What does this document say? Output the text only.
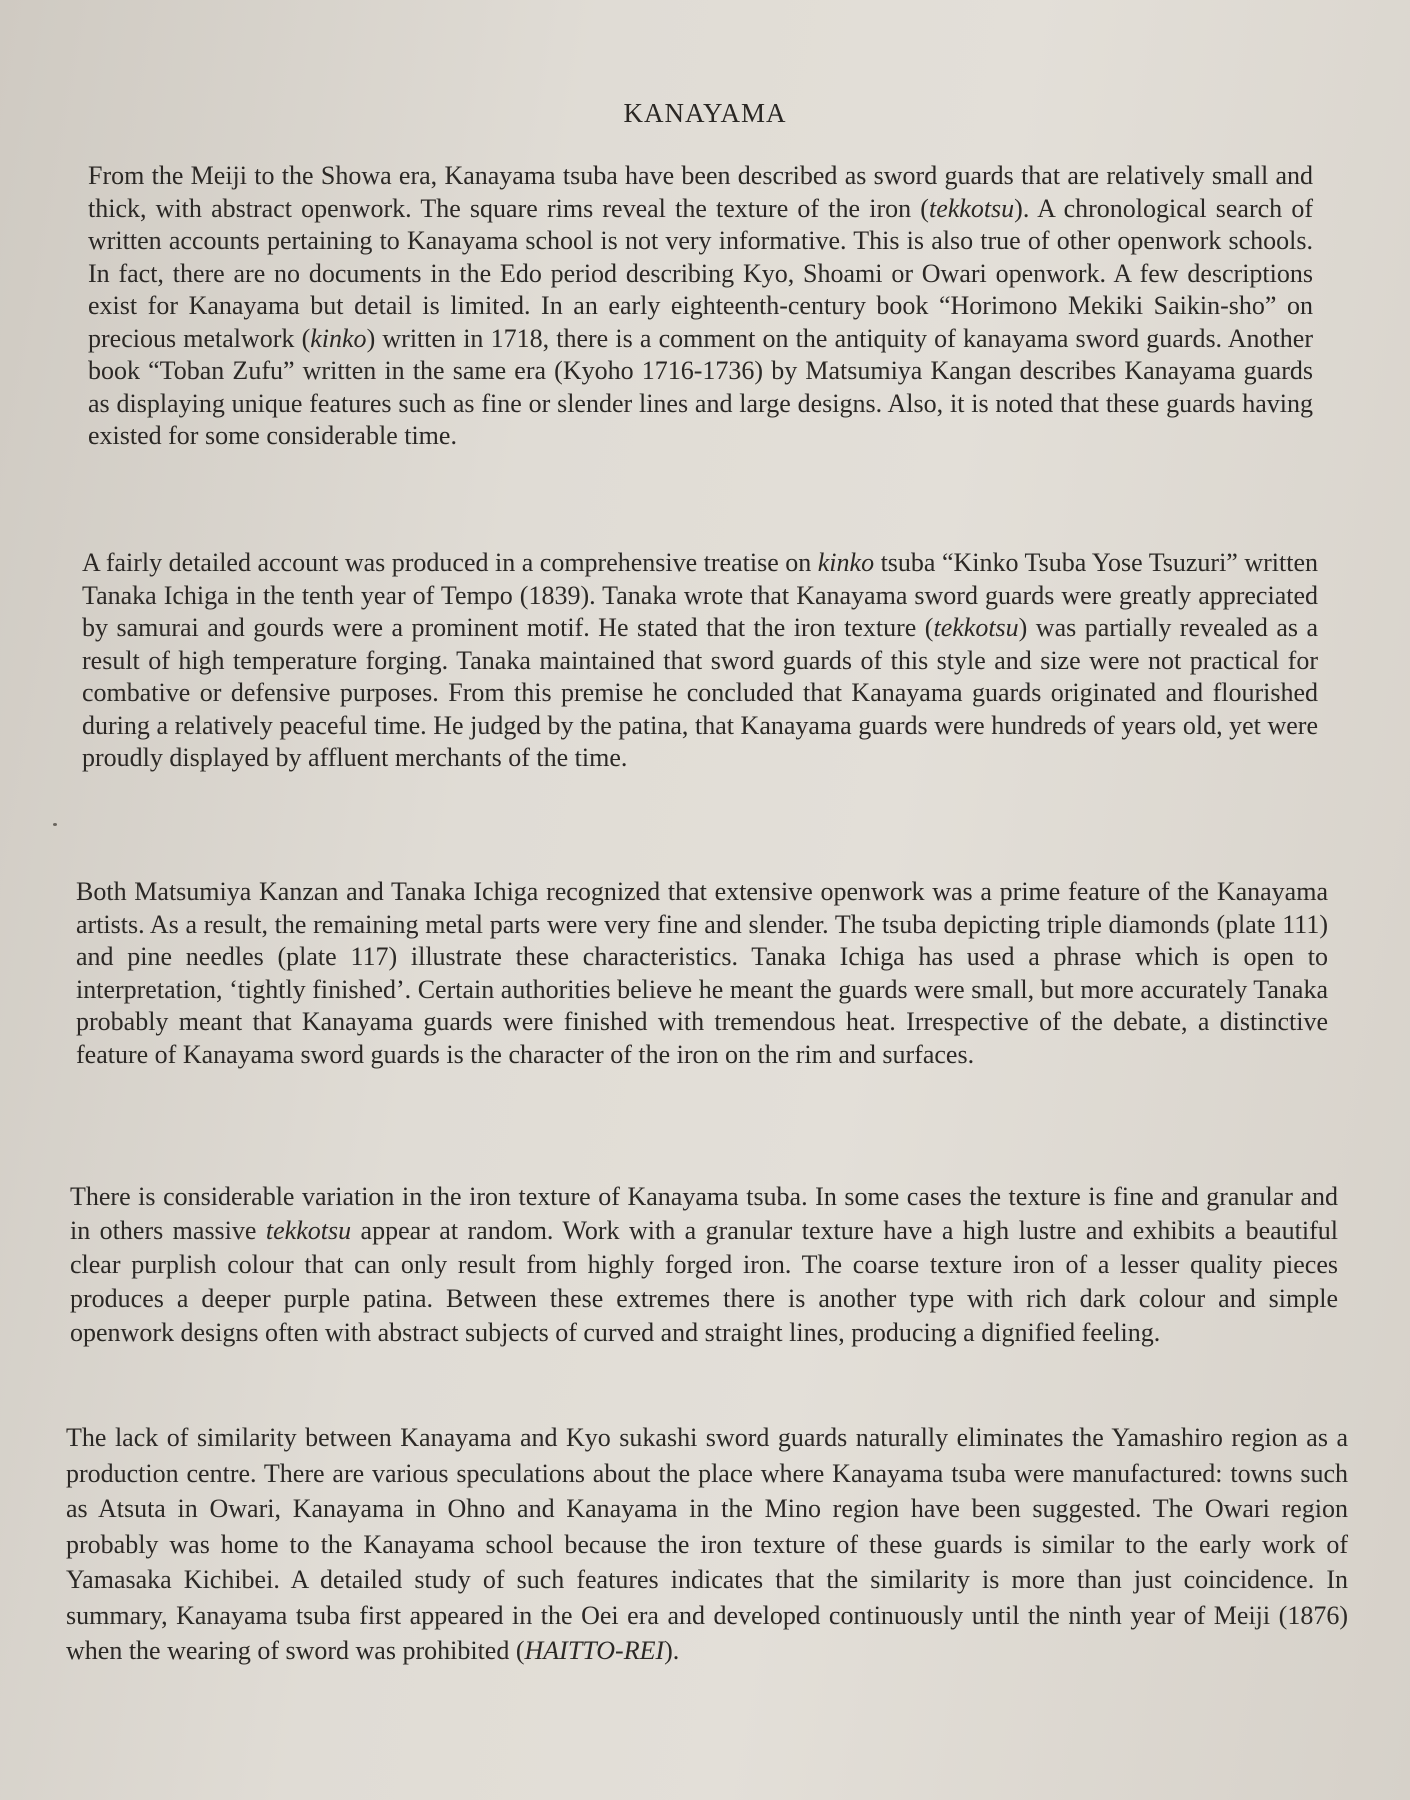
KANAYAMA

From the Meiji to the Showa era, Kanayama tsuba have been described as sword guards that are relatively small and thick, with abstract openwork. The square rims reveal the texture of the iron (tekkotsu). A chronological search of written accounts pertaining to Kanayama school is not very informative. This is also true of other openwork schools. In fact, there are no documents in the Edo period describing Kyo, Shoami or Owari openwork. A few descriptions exist for Kanayama but detail is limited. In an early eighteenth-century book “Horimono Mekiki Saikin-sho” on precious metalwork (kinko) written in 1718, there is a comment on the antiquity of kanayama sword guards. Another book “Toban Zufu” written in the same era (Kyoho 1716-1736) by Matsumiya Kangan describes Kanayama guards as displaying unique features such as fine or slender lines and large designs. Also, it is noted that these guards having existed for some considerable time.

A fairly detailed account was produced in a comprehensive treatise on kinko tsuba “Kinko Tsuba Yose Tsuzuri” written Tanaka Ichiga in the tenth year of Tempo (1839). Tanaka wrote that Kanayama sword guards were greatly appreciated by samurai and gourds were a prominent motif. He stated that the iron texture (tekkotsu) was partially revealed as a result of high temperature forging. Tanaka maintained that sword guards of this style and size were not practical for combative or defensive purposes. From this premise he concluded that Kanayama guards originated and flourished during a relatively peaceful time. He judged by the patina, that Kanayama guards were hundreds of years old, yet were proudly displayed by affluent merchants of the time.

Both Matsumiya Kanzan and Tanaka Ichiga recognized that extensive openwork was a prime feature of the Kanayama artists. As a result, the remaining metal parts were very fine and slender. The tsuba depicting triple diamonds (plate 111) and pine needles (plate 117) illustrate these characteristics. Tanaka Ichiga has used a phrase which is open to interpretation, ‘tightly finished’. Certain authorities believe he meant the guards were small, but more accurately Tanaka probably meant that Kanayama guards were finished with tremendous heat. Irrespective of the debate, a distinctive feature of Kanayama sword guards is the character of the iron on the rim and surfaces.

There is considerable variation in the iron texture of Kanayama tsuba. In some cases the texture is fine and granular and in others massive tekkotsu appear at random. Work with a granular texture have a high lustre and exhibits a beautiful clear purplish colour that can only result from highly forged iron. The coarse texture iron of a lesser quality pieces produces a deeper purple patina. Between these extremes there is another type with rich dark colour and simple openwork designs often with abstract subjects of curved and straight lines, producing a dignified feeling.

The lack of similarity between Kanayama and Kyo sukashi sword guards naturally eliminates the Yamashiro region as a production centre. There are various speculations about the place where Kanayama tsuba were manufactured: towns such as Atsuta in Owari, Kanayama in Ohno and Kanayama in the Mino region have been suggested. The Owari region probably was home to the Kanayama school because the iron texture of these guards is similar to the early work of Yamasaka Kichibei. A detailed study of such features indicates that the similarity is more than just coincidence. In summary, Kanayama tsuba first appeared in the Oei era and developed continuously until the ninth year of Meiji (1876) when the wearing of sword was prohibited (HAITTO-REI).
